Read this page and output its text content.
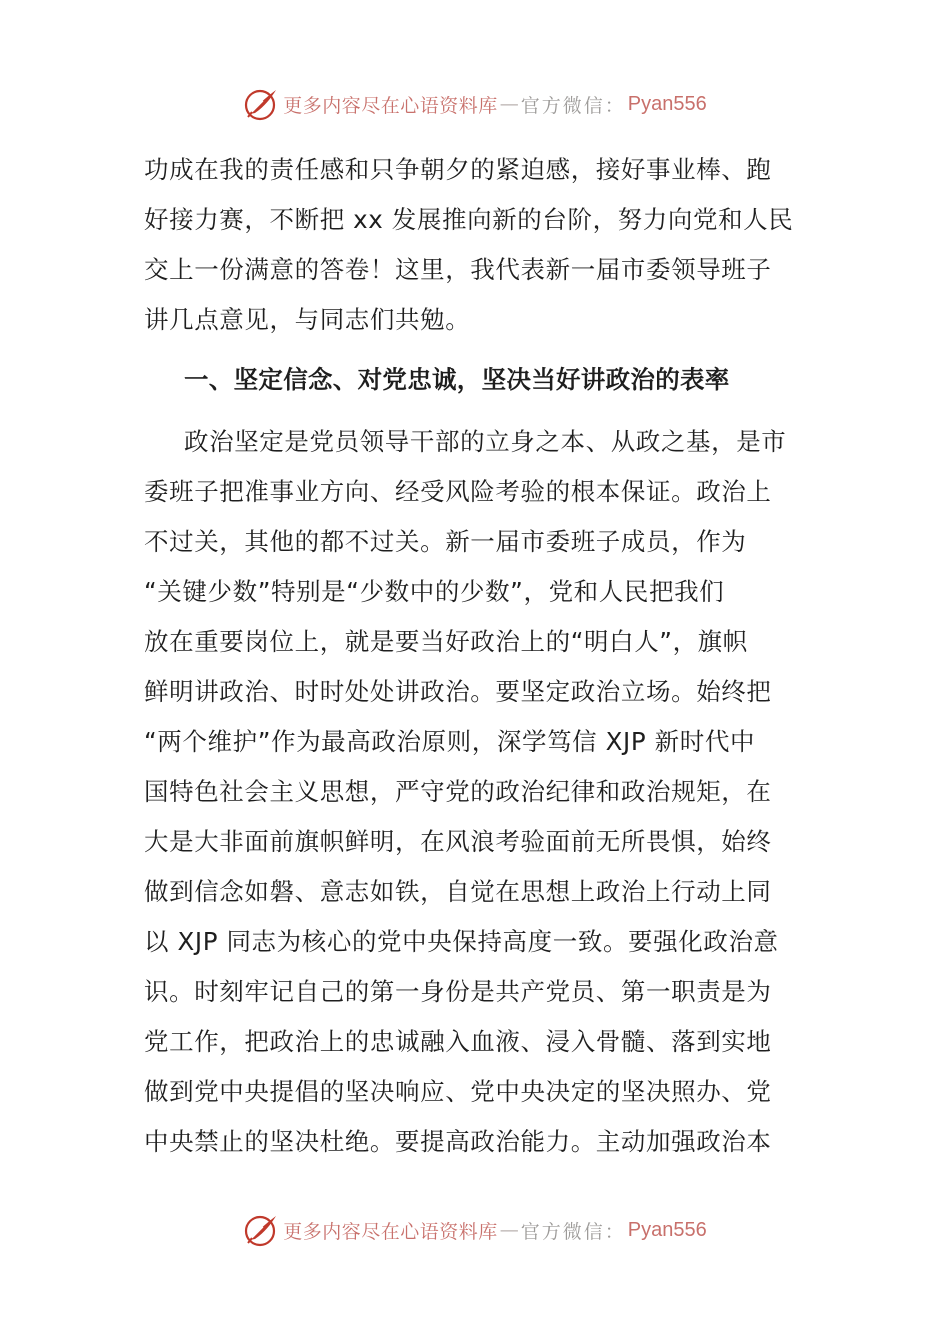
更多内容尽在心语资料库 — 官方微信： Pyan556
功成在我的责任感和只争朝夕的紧迫感，接好事业棒、跑
好接力赛，不断把 xx 发展推向新的台阶，努力向党和人民
交上一份满意的答卷！这里，我代表新一届市委领导班子
讲几点意见，与同志们共勉。
一、坚定信念、对党忠诚，坚决当好讲政治的表率
政治坚定是党员领导干部的立身之本、从政之基，是市
委班子把准事业方向、经受风险考验的根本保证。政治上
不过关，其他的都不过关。新一届市委班子成员，作为
“关键少数”特别是“少数中的少数”，党和人民把我们
放在重要岗位上，就是要当好政治上的“明白人”，旗帜
鲜明讲政治、时时处处讲政治。要坚定政治立场。始终把
“两个维护”作为最高政治原则，深学笃信 XJP 新时代中
国特色社会主义思想，严守党的政治纪律和政治规矩，在
大是大非面前旗帜鲜明，在风浪考验面前无所畏惧，始终
做到信念如磐、意志如铁，自觉在思想上政治上行动上同
以 XJP 同志为核心的党中央保持高度一致。要强化政治意
识。时刻牢记自己的第一身份是共产党员、第一职责是为
党工作，把政治上的忠诚融入血液、浸入骨髓、落到实地
做到党中央提倡的坚决响应、党中央决定的坚决照办、党
中央禁止的坚决杜绝。要提高政治能力。主动加强政治本
更多内容尽在心语资料库 — 官方微信： Pyan556
